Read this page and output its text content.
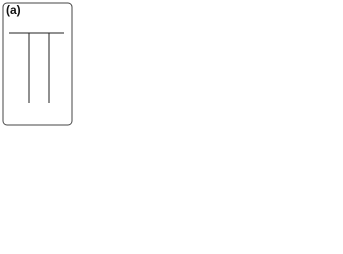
(a)
